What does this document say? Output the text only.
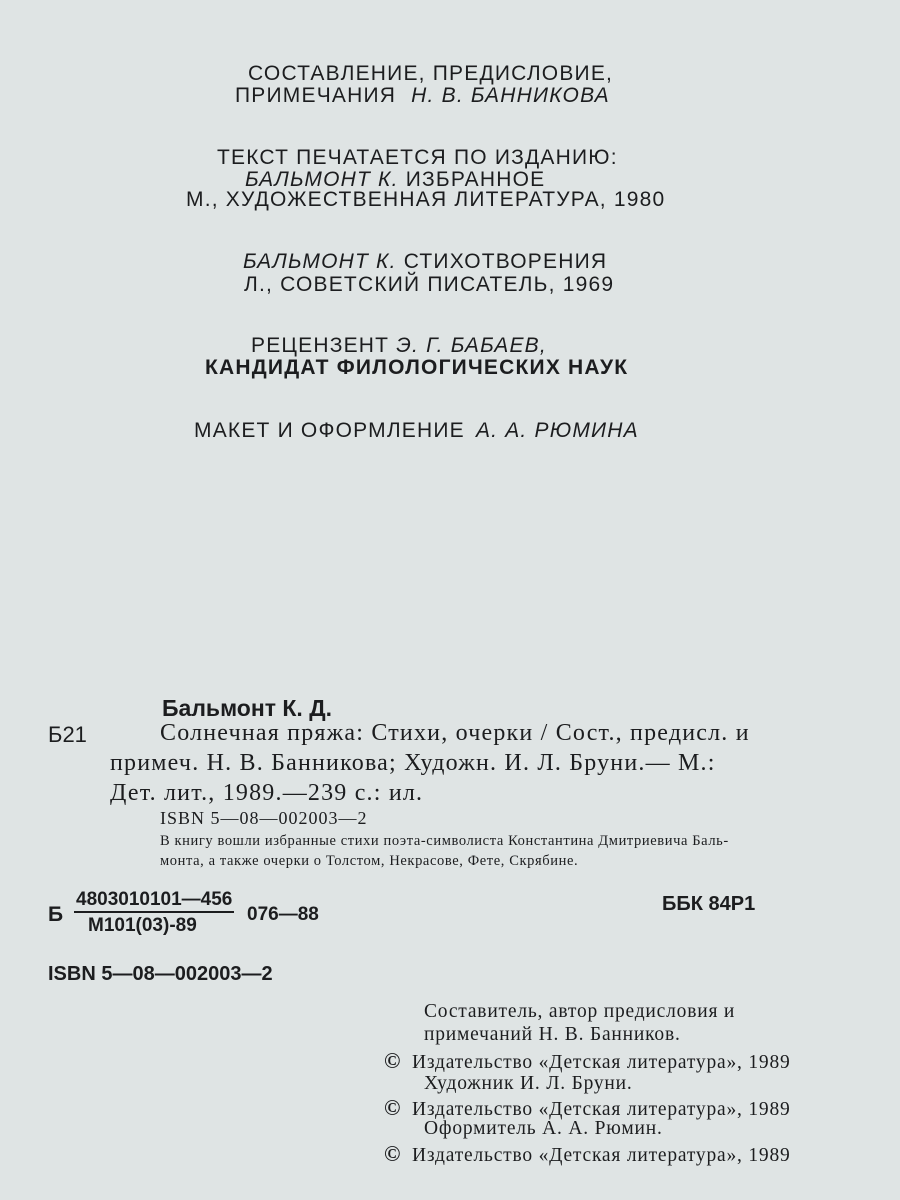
СОСТАВЛЕНИЕ, ПРЕДИСЛОВИЕ,
ПРИМЕЧАНИЯ Н. В. БАННИКОВА
ТЕКСТ ПЕЧАТАЕТСЯ ПО ИЗДАНИЮ:
БАЛЬМОНТ К. ИЗБРАННОЕ
М., ХУДОЖЕСТВЕННАЯ ЛИТЕРАТУРА, 1980
БАЛЬМОНТ К. СТИХОТВОРЕНИЯ
Л., СОВЕТСКИЙ ПИСАТЕЛЬ, 1969
РЕЦЕНЗЕНТ Э. Г. БАБАЕВ,
КАНДИДАТ ФИЛОЛОГИЧЕСКИХ НАУК
МАКЕТ И ОФОРМЛЕНИЕ А. А. РЮМИНА
Бальмонт К. Д.
Б21	Солнечная пряжа: Стихи, очерки / Сост., предисл. и
примеч. Н. В. Банникова; Художн. И. Л. Бруни.— М.:
Дет. лит., 1989.—239 с.: ил.
ISBN 5—08—002003—2
В книгу вошли избранные стихи поэта-символиста Константина Дмитриевича Баль-
монта, а также очерки о Толстом, Некрасове, Фете, Скрябине.
Б
4803010101—456
М101(03)-89
076—88	ББК 84Р1
ISBN 5—08—002003—2
Составитель, автор предисловия и
примечаний Н. В. Банников.
© Издательство «Детская литература», 1989
Художник И. Л. Бруни.
© Издательство «Детская литература», 1989
Оформитель А. А. Рюмин.
© Издательство «Детская литература», 1989
